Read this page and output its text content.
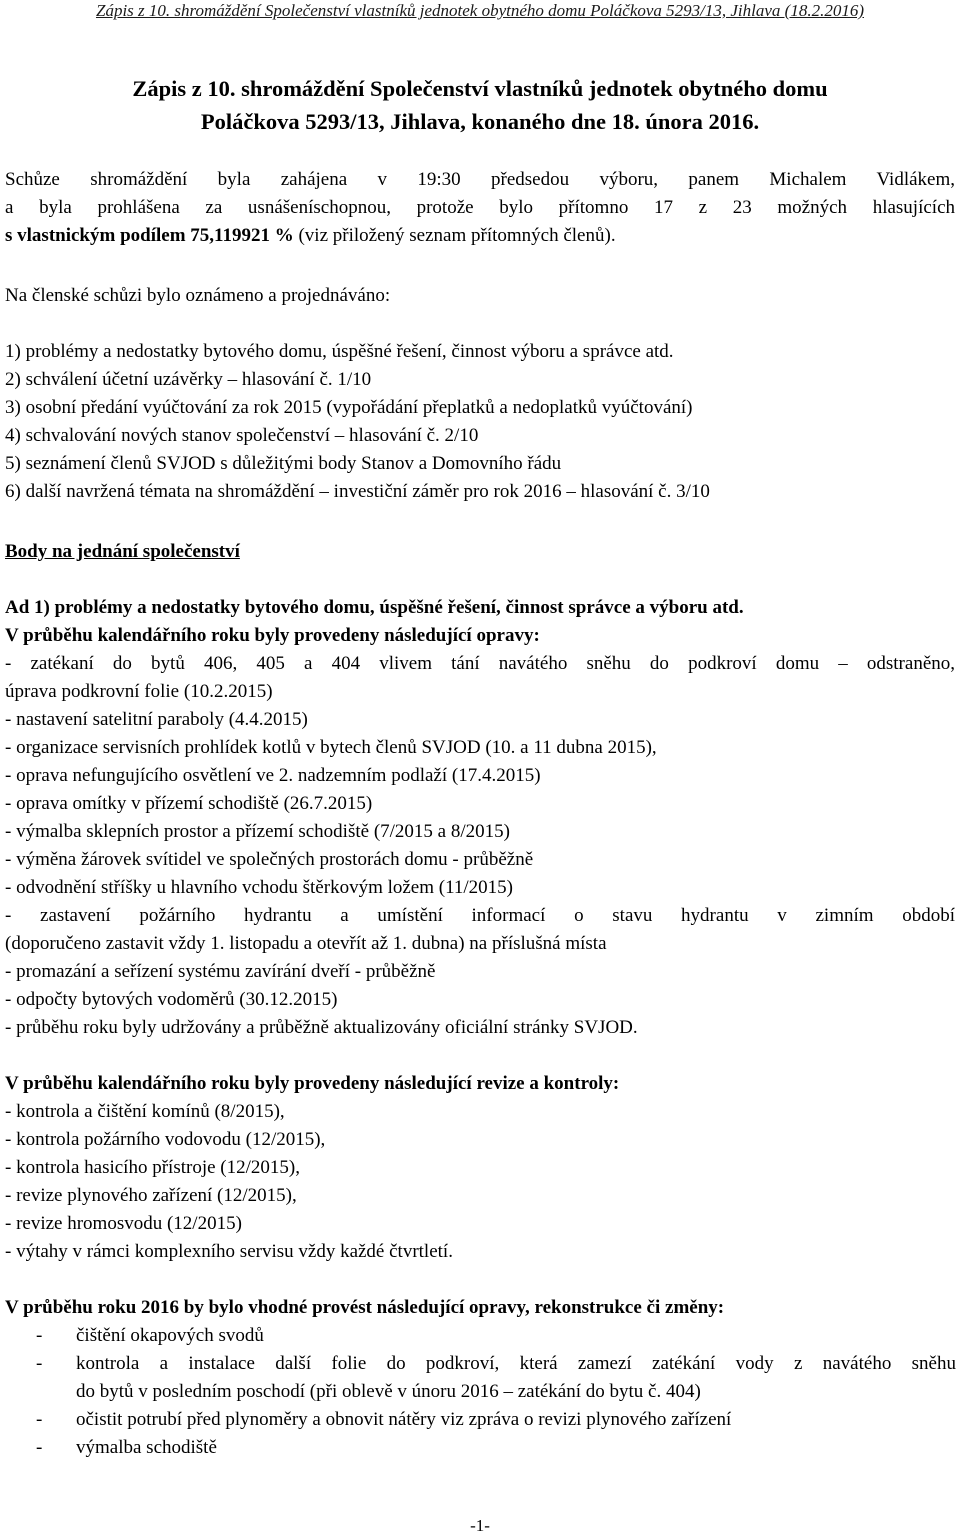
Zápis z 10. shromáždění Společenství vlastníků jednotek obytného domu Poláčkova 5293/13, Jihlava (18.2.2016)
Zápis z 10. shromáždění Společenství vlastníků jednotek obytného domu
Poláčkova 5293/13, Jihlava, konaného dne 18. února 2016.
Schůze shromáždění byla zahájena v 19:30 předsedou výboru, panem Michalem Vidlákem,
a byla prohlášena za usnášeníschopnou, protože bylo přítomno 17 z 23 možných hlasujících
s vlastnickým podílem 75,119921 % (viz přiložený seznam přítomných členů).
Na členské schůzi bylo oznámeno a projednáváno:
1) problémy a nedostatky bytového domu, úspěšné řešení, činnost výboru a správce atd.
2) schválení účetní uzávěrky – hlasování č. 1/10
3) osobní předání vyúčtování za rok 2015 (vypořádání přeplatků a nedoplatků vyúčtování)
4) schvalování nových stanov společenství – hlasování č. 2/10
5) seznámení členů SVJOD s důležitými body Stanov a Domovního řádu
6) další navržená témata na shromáždění – investiční záměr pro rok 2016 – hlasování č. 3/10
Body na jednání společenství
Ad 1) problémy a nedostatky bytového domu, úspěšné řešení, činnost správce a výboru atd.
V průběhu kalendářního roku byly provedeny následující opravy:
- zatékaní do bytů 406, 405 a 404 vlivem tání navátého sněhu do podkroví domu – odstraněno,
úprava podkrovní folie (10.2.2015)
- nastavení satelitní paraboly (4.4.2015)
- organizace servisních prohlídek kotlů v bytech členů SVJOD (10. a 11 dubna 2015),
- oprava nefungujícího osvětlení ve 2. nadzemním podlaží (17.4.2015)
- oprava omítky v přízemí schodiště (26.7.2015)
- výmalba sklepních prostor a přízemí schodiště (7/2015 a 8/2015)
- výměna žárovek svítidel ve společných prostorách domu - průběžně
- odvodnění stříšky u hlavního vchodu štěrkovým ložem (11/2015)
- zastavení požárního hydrantu a umístění informací o stavu hydrantu v zimním období
(doporučeno zastavit vždy 1. listopadu a otevřít až 1. dubna) na příslušná místa
- promazání a seřízení systému zavírání dveří - průběžně
- odpočty bytových vodoměrů (30.12.2015)
- průběhu roku byly udržovány a průběžně aktualizovány oficiální stránky SVJOD.
V průběhu kalendářního roku byly provedeny následující revize a kontroly:
- kontrola a čištění komínů (8/2015),
- kontrola požárního vodovodu (12/2015),
- kontrola hasicího přístroje (12/2015),
- revize plynového zařízení (12/2015),
- revize hromosvodu (12/2015)
- výtahy v rámci komplexního servisu vždy každé čtvrtletí.
V průběhu roku 2016 by bylo vhodné provést následující opravy, rekonstrukce či změny:
-	čištění okapových svodů
-	kontrola a instalace další folie do podkroví, která zamezí zatékání vody z navátého sněhu
do bytů v posledním poschodí (při oblevě v únoru 2016 – zatékání do bytu č. 404)
-	očistit potrubí před plynoměry a obnovit nátěry viz zpráva o revizi plynového zařízení
-	výmalba schodiště
-1-
